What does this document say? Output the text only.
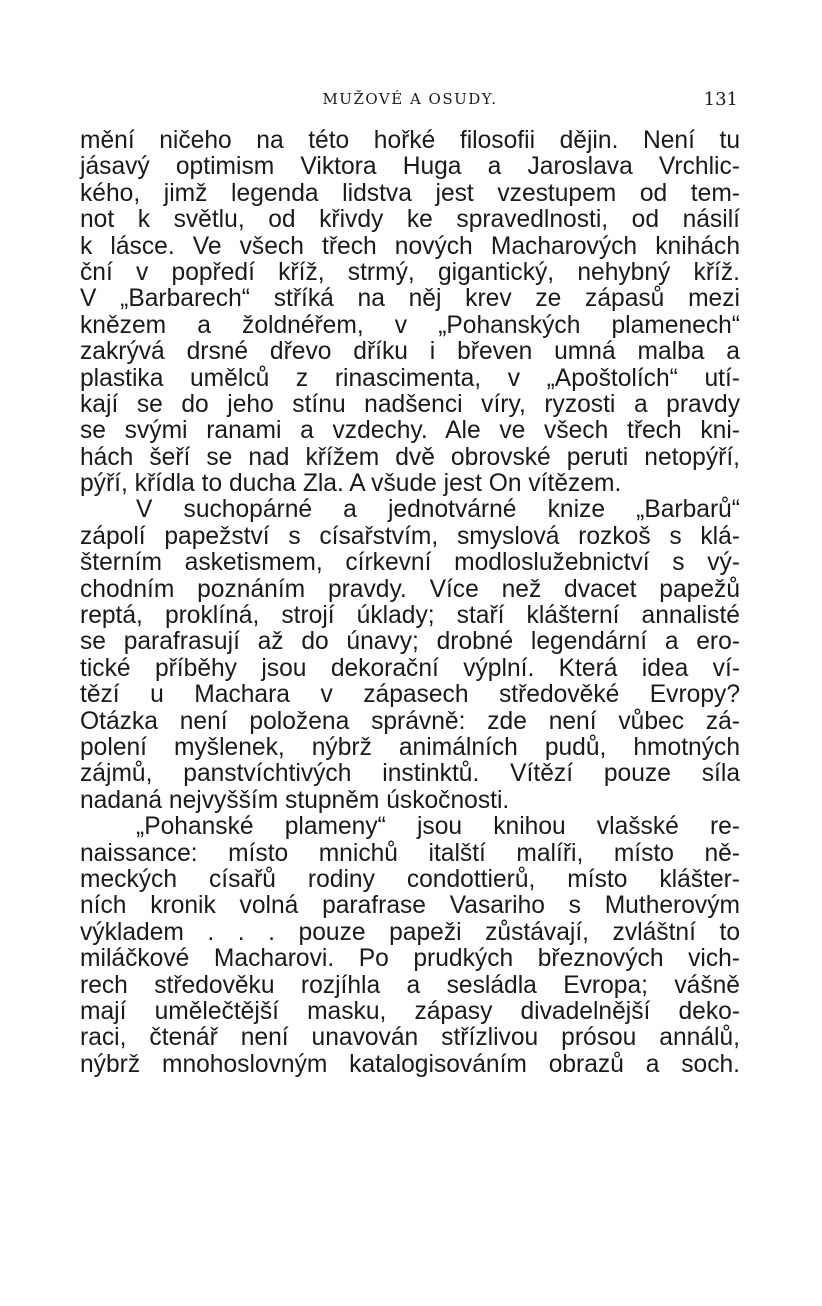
MUŽOVÉ A OSUDY.	131
mění ničeho na této hořké filosofii dějin. Není tu
jásavý optimism Viktora Huga a Jaroslava Vrchlic-
kého, jimž legenda lidstva jest vzestupem od tem-
not k světlu, od křivdy ke spravedlnosti, od násilí
k lásce. Ve všech třech nových Macharových knihách
ční v popředí kříž, strmý, gigantický, nehybný kříž.
V „Barbarech“ stříká na něj krev ze zápasů mezi
knězem a žoldnéřem, v „Pohanských plamenech“
zakrývá drsné dřevo dříku i břeven umná malba a
plastika umělců z rinascimenta, v „Apoštolích“ utí-
kají se do jeho stínu nadšenci víry, ryzosti a pravdy
se svými ranami a vzdechy. Ale ve všech třech kni-
hách šeří se nad křížem dvě obrovské peruti netopýří,
pýří, křídla to ducha Zla. A všude jest On vítězem.
V suchopárné a jednotvárné knize „Barbarů“
zápolí papežství s císařstvím, smyslová rozkoš s klá-
šterním asketismem, církevní modloslužebnictví s vý-
chodním poznáním pravdy. Více než dvacet papežů
reptá, proklíná, strojí úklady; staří klášterní annalisté
se parafrasují až do únavy; drobné legendární a ero-
tické příběhy jsou dekorační výplní. Která idea ví-
tězí u Machara v zápasech středověké Evropy?
Otázka není položena správně: zde není vůbec zá-
polení myšlenek, nýbrž animálních pudů, hmotných
zájmů, panstvíchtivých instinktů. Vítězí pouze síla
nadaná nejvyšším stupněm úskočnosti.
„Pohanské plameny“ jsou knihou vlašské re-
naissance: místo mnichů italští malíři, místo ně-
meckých císařů rodiny condottierů, místo klášter-
ních kronik volná parafrase Vasariho s Mutherovým
výkladem . . . pouze papeži zůstávají, zvláštní to
miláčkové Macharovi. Po prudkých březnových vich-
rech středověku rozjíhla a sesládla Evropa; vášně
mají umělečtější masku, zápasy divadelnější deko-
raci, čtenář není unavován střízlivou prósou annálů,
nýbrž mnohoslovným katalogisováním obrazů a soch.
